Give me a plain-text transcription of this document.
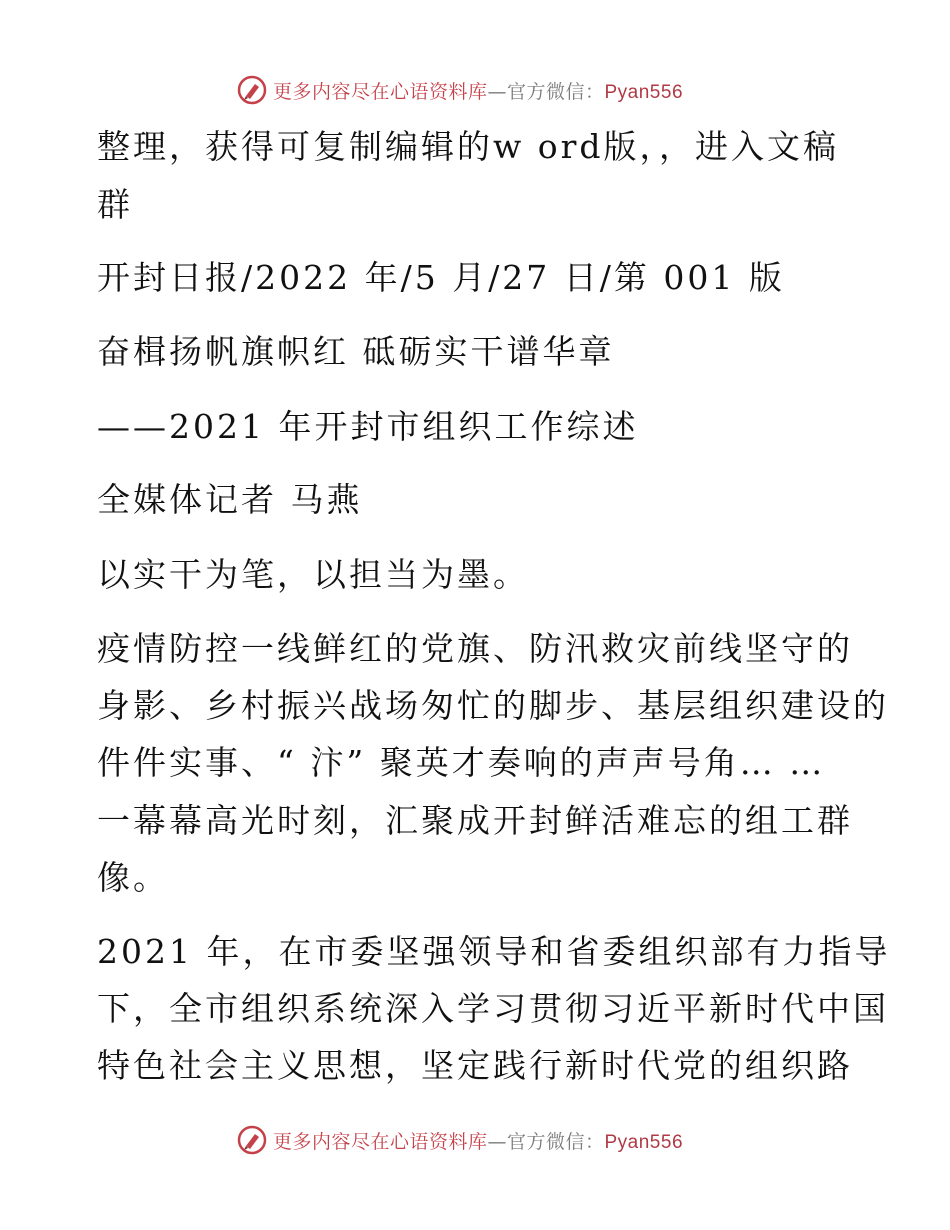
更多内容尽在心语资料库—官方微信：Pyan556
整理，获得可复制编辑的w ord版，，进入文稿
群
开封日报/2022 年/5 月/27 日/第 001 版
奋楫扬帆旗帜红 砥砺实干谱华章
——2021 年开封市组织工作综述
全媒体记者 马燕
以实干为笔，以担当为墨。
疫情防控一线鲜红的党旗、防汛救灾前线坚守的
身影、乡村振兴战场匆忙的脚步、基层组织建设的
件件实事、“ 汴” 聚英才奏响的声声号角… …
一幕幕高光时刻，汇聚成开封鲜活难忘的组工群
像。
2021 年，在市委坚强领导和省委组织部有力指导
下，全市组织系统深入学习贯彻习近平新时代中国
特色社会主义思想，坚定践行新时代党的组织路
更多内容尽在心语资料库—官方微信：Pyan556
